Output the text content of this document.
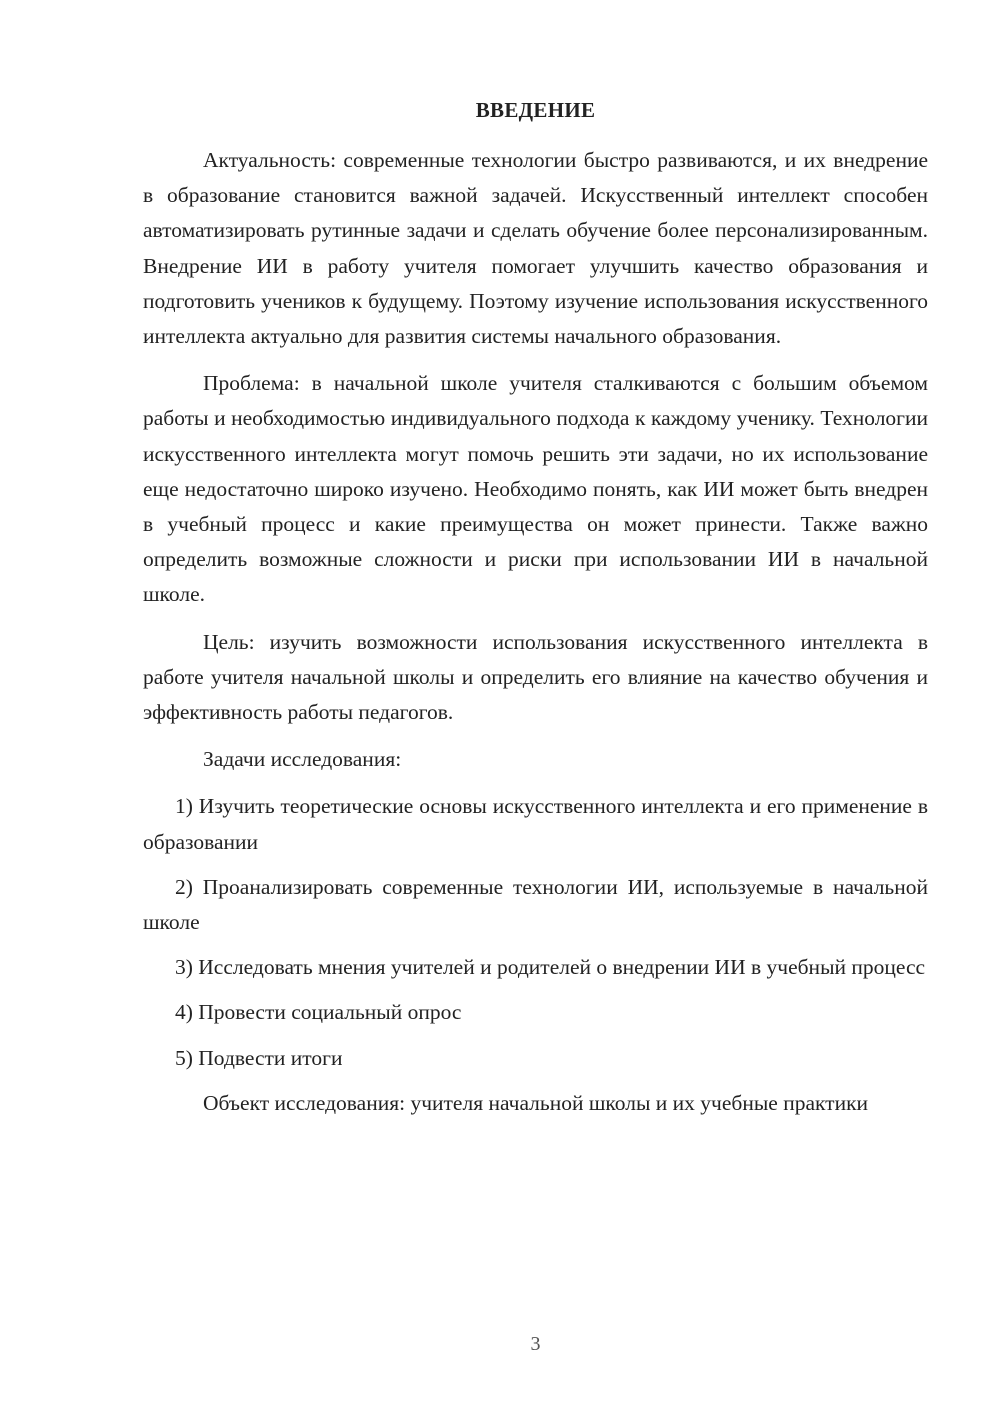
ВВЕДЕНИЕ

Актуальность: современные технологии быстро развиваются, и их внедрение в образование становится важной задачей. Искусственный интеллект способен автоматизировать рутинные задачи и сделать обучение более персонализированным. Внедрение ИИ в работу учителя помогает улучшить качество образования и подготовить учеников к будущему. Поэтому изучение использования искусственного интеллекта актуально для развития системы начального образования.

Проблема: в начальной школе учителя сталкиваются с большим объемом работы и необходимостью индивидуального подхода к каждому ученику. Технологии искусственного интеллекта могут помочь решить эти задачи, но их использование еще недостаточно широко изучено. Необходимо понять, как ИИ может быть внедрен в учебный процесс и какие преимущества он может принести. Также важно определить возможные сложности и риски при использовании ИИ в начальной школе.

Цель: изучить возможности использования искусственного интеллекта в работе учителя начальной школы и определить его влияние на качество обучения и эффективность работы педагогов.

Задачи исследования:

1) Изучить теоретические основы искусственного интеллекта и его применение в образовании

2) Проанализировать современные технологии ИИ, используемые в начальной школе

3) Исследовать мнения учителей и родителей о внедрении ИИ в учебный процесс

4) Провести социальный опрос

5) Подвести итоги

Объект исследования: учителя начальной школы и их учебные практики

3
